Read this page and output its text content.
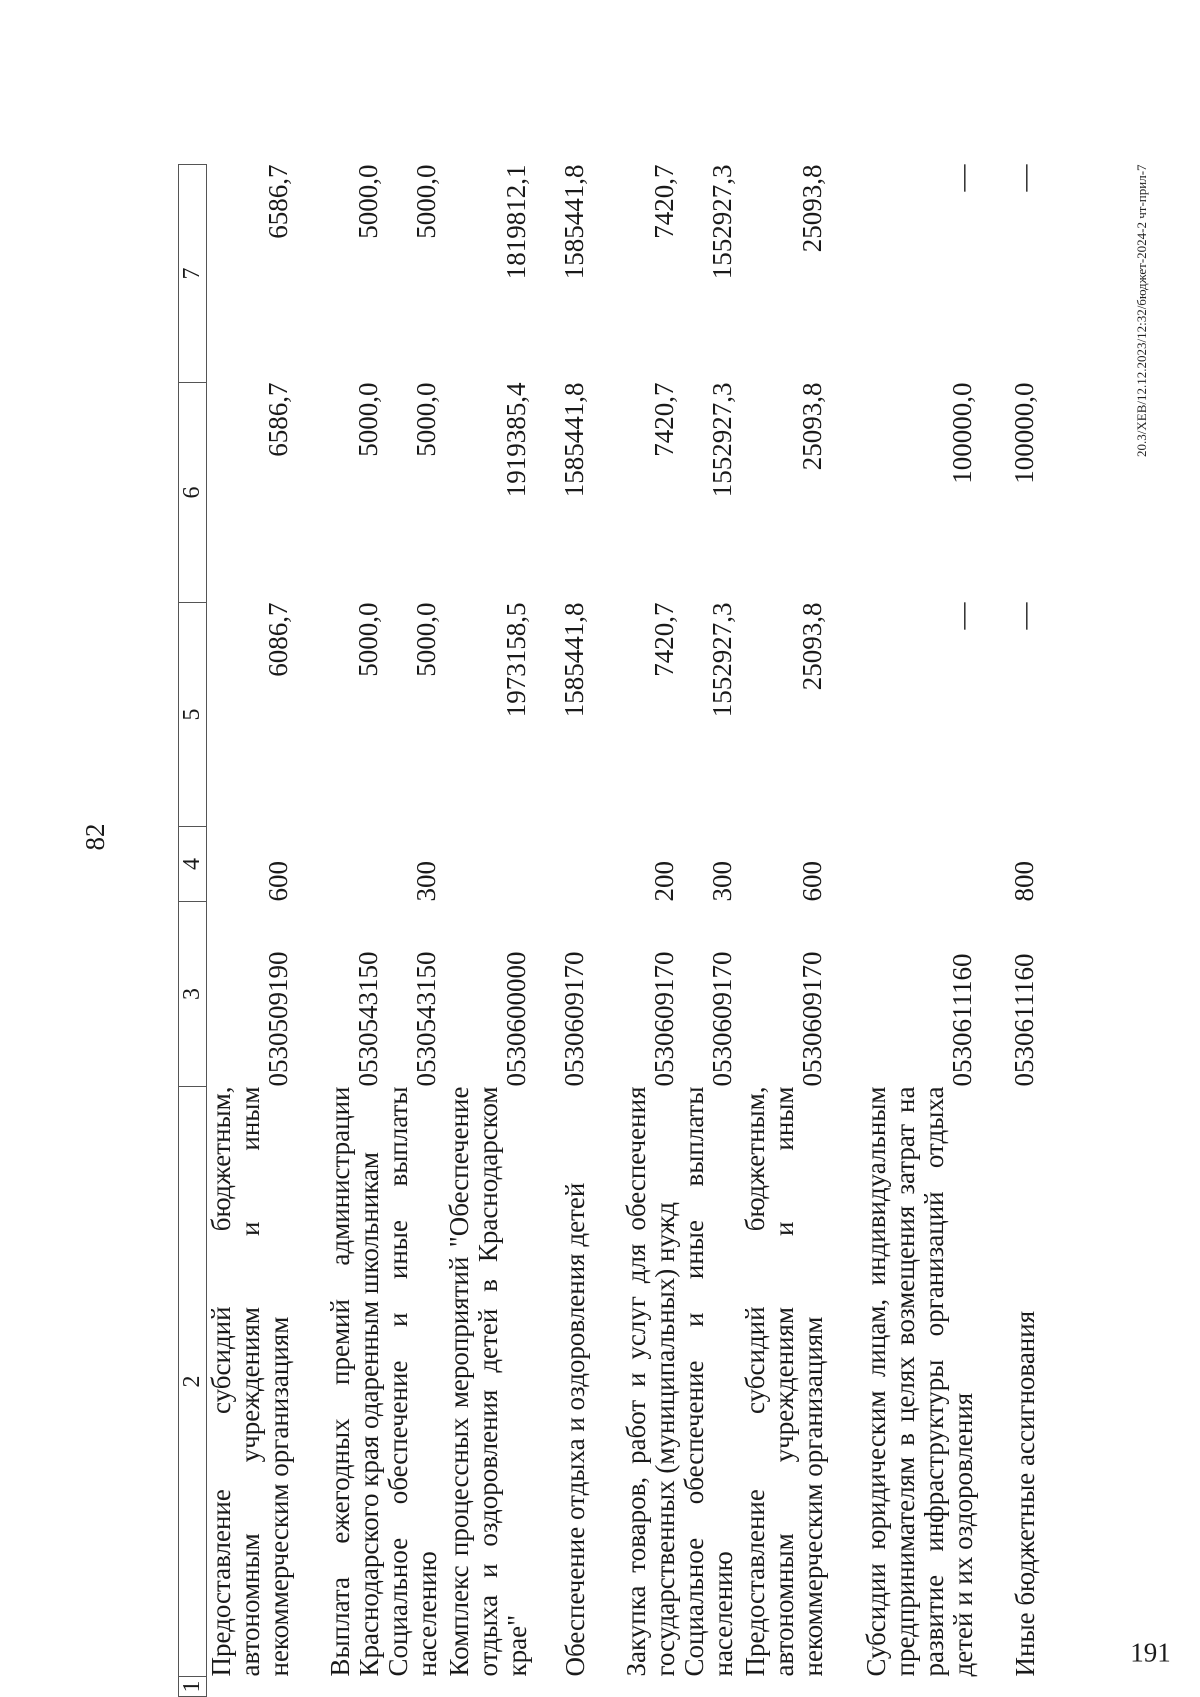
82
1	2	3	4	5	6	7

	Предоставление субсидий бюджетным, автономным учреждениям и иным некоммерческим организациям	0530509190	600	6086,7	6586,7	6586,7

	Выплата ежегодных премий администрации Краснодарского края одаренным школьникам	0530543150		5000,0	5000,0	5000,0

	Социальное обеспечение и иные выплаты населению	0530543150	300	5000,0	5000,0	5000,0

	Комплекс процессных мероприятий "Обеспечение отдыха и оздоровления детей в Краснодарском крае"	0530600000		1973158,5	1919385,4	1819812,1

	Обеспечение отдыха и оздоровления детей	0530609170		1585441,8	1585441,8	1585441,8

	Закупка товаров, работ и услуг для обеспечения государственных (муниципальных) нужд	0530609170	200	7420,7	7420,7	7420,7

	Социальное обеспечение и иные выплаты населению	0530609170	300	1552927,3	1552927,3	1552927,3

	Предоставление субсидий бюджетным, автономным учреждениям и иным некоммерческим организациям	0530609170	600	25093,8	25093,8	25093,8

	Субсидии юридическим лицам, индивидуальным предпринимателям в целях возмещения затрат на развитие инфраструктуры организаций отдыха детей и их оздоровления	0530611160		—	100000,0	—

	Иные бюджетные ассигнования	0530611160	800	—	100000,0	—	20.3/ХЕВ/12.12.2023/12:32/бюджет-2024-2 чт-прил-7
191
